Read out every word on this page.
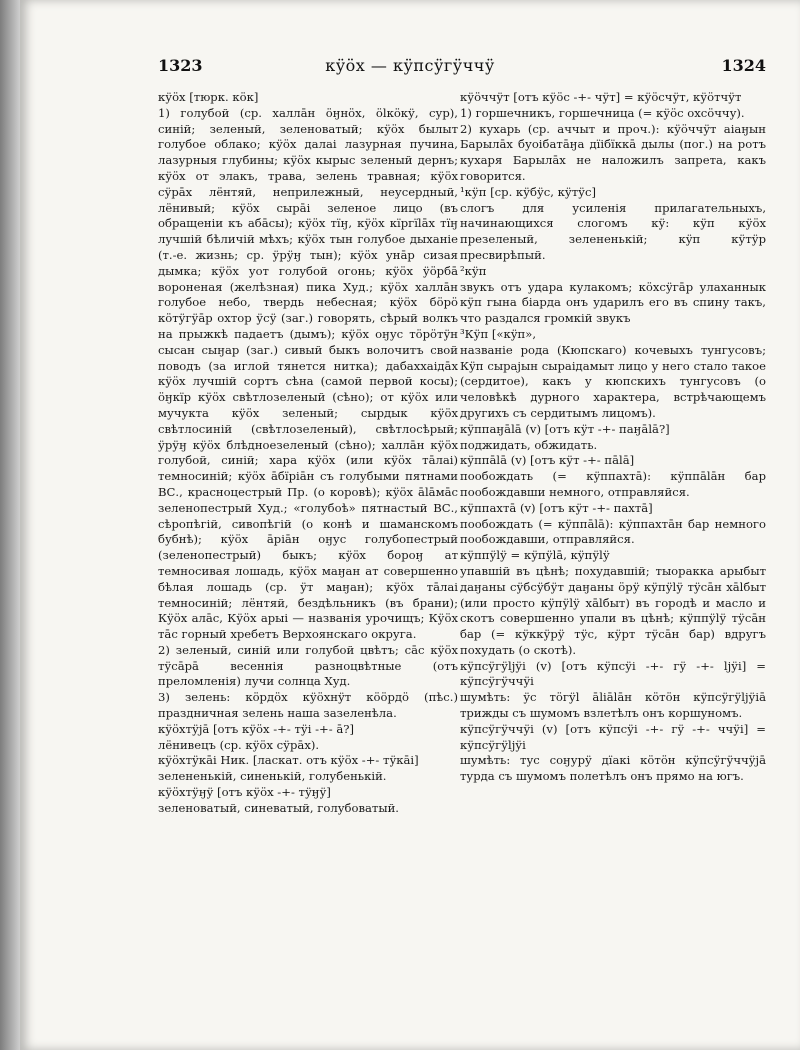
1323	кӱӧх — кӱпсӱгӱччӱ	1324

кӱӧх [тюрк. кӧк]

1) голубой (ср. халлāн ӧӈнӧх, ӧlкӧкӱ, сур), синій; зеленый, зеленоватый; кӱӧх былыт голубое облако; кӱӧх далаі лазурная пучина, лазурныя глубины; кӱӧх кырыс зеленый дернъ; кӱӧх от элакъ, трава, зелень травная; кӱӧх сӱрāх лёнтяй, неприлежный, неусердный, лёнивый; кӱӧх сырāі зеленое лицо (въ обращеніи къ абāсы); кӱӧх тїӈ, кӱӧх кїргїlāх тїӈ лучшій бѣличій мѣхъ; кӱӧх тын голубое дыханіе (т.-е. жизнь; ср. ӱрӱӈ тын); кӱӧх унāр сизая дымка; кӱӧх уот голубой огонь; кӱӧх ӱӧрбā вороненая (желѣзная) пика Худ.; кӱӧх халлāн голубое небо, твердь небесная; кӱӧх бӧрӧ кӧтӱгӱāр охтор ӱсӱ (заг.) говорять, сѣрый волкъ на прыжкѣ падаетъ (дымъ); кӱӧх оӈус тӧрӧтӱн сысан сыӈар (заг.) сивый быкъ волочитъ свой поводъ (за иглой тянется нитка); дабаххаідāх кӱӧх лучшій сортъ сѣна (самой первой косы); ӧӈкїр кӱӧх свѣтлозеленый (сѣно); от кӱӧх или мучукта кӱӧх зеленый; сырдык кӱӧх свѣтлосиній (свѣтлозеленый), свѣтлосѣрый; ӱрӱӈ кӱӧх блѣдноезеленый (сѣно); халлāн кӱӧх голубой, синій; хара кӱӧх (или кӱӧх тāлаі) темносиній; кӱӧх āбїріāн съ голубыми пятнами ВС., красноцестрый Пр. (о коровѣ); кӱӧх ālāмāс зеленопестрый Худ.; «голубоѣ» пятнастый ВС., сѣропѣгій, сивопѣгій (о конѣ и шаманскомъ бубнѣ); кӱӧх āріāн оӈус голубопестрый (зеленопестрый) быкъ; кӱӧх бороӈ ат темносивая лошадь, кӱӧх маӈан ат совершенно бѣлая лошадь (ср. ӱт маӈан); кӱӧх тāлаі темносиній; лёнтяй, бездѣльникъ (въ брани); Кӱӧх алāс, Кӱӧх арыі — названія урочищъ; Кӱӧх тāс горный хребетъ Верхоянскаго округа.

2) зеленый, синій или голубой цвѣтъ; сāс кӱӧх тӱсāрā весеннія разноцвѣтные (отъ преломленія) лучи солнца Худ.

3) зелень: кӧрдӧх кӱӧхнӱт кӧӧрдӧ (пѣс.) праздничная зелень нашa зазеленѣла.

кӱӧхтӱjā [отъ кӱӧх -+- тӱі -+- ā?]

лёнивецъ (ср. кӱӧх сӱрāх).

кӱӧхтӱкāі Ник. [ласкат. отъ кӱӧх -+- тӱкāі]

зелененькій, синенькій, голубенькій.

кӱӧхтӱӈӱ [отъ кӱӧх -+- тӱӈӱ]

зеленоватый, синеватый, голубоватый.

кӱӧччӱт [отъ кӱӧс -+- чӱт] = кӱӧсчӱт, кӱӧтчӱт

1) горшечникъ, горшечница (= кӱӧс охсӧччу).

2) кухарь (ср. аччыт и проч.): кӱӧччӱт аіаӈын Барылāх буоібатāӈа дїібїккā дылы (пог.) на ротъ кухаря Барылāх не наложилъ запрета, какъ говорится.

¹кӱп [ср. кӱбӱс, кӱтӱс]

слогъ для усиленія прилагательныхъ, начинающихся слогомъ кӱ: кӱп кӱӧх презеленый, зелененькій; кӱп кӱтӱр пресвирѣпый.

²кӱп

звукъ отъ удара кулакомъ; кӧхсӱгāр улаханнык кӱп гына біарда онъ ударилъ его въ спину такъ, что раздался громкій звукъ

³Кӱп [«кӱп»,

названіе рода (Кюпскаго) кочевыхъ тунгусовъ; Кӱп сырајын сыраідамыт лицо у него стало такое (сердитое), какъ у кюпскихъ тунгусовъ (о человѣкѣ дурного характера, встрѣчающемъ другихъ съ сердитымъ лицомъ).

кӱппаӈālā (v) [отъ кӱт -+- паӈālā?]

поджидать, обжидать.

кӱппālā (v) [отъ кӱт -+- пālā]

пообождать (= кӱппахтā): кӱппālāн бар пообождавши немного, отправляйся.

кӱппахтā (v) [отъ кӱт -+- пахтā]

пообождать (= кӱппālā): кӱппахтāн бар немного пообождавши, отправляйся.

кӱппӱlӱ = кӱпӱlā, кӱпӱlӱ

упавшій въ цѣнѣ; похудавшій; тыоракка арыбыт даӈаны сӱбсӱбӱт даӈаны ӧрӱ кӱпӱlӱ тӱсāн хālбыт (или просто кӱпӱlӱ хālбыт) въ городѣ и масло и скотъ совершенно упали въ цѣнѣ; кӱппӱlӱ тӱсāн бар (= кӱккӱрӱ тӱс, кӱрт тӱсāн бар) вдругъ похудать (о скотѣ).

кӱпсӱгӱlјӱі (v) [отъ кӱпсӱі -+- гӱ -+- lјӱі] = кӱпсӱгӱччӱі

шумѣть: ӱс тӧгӱl ālіālāн кӧтӧн кӱпсӱгӱlјӱіā трижды съ шумомъ взлетѣлъ онъ коршуномъ.

кӱпсӱгӱччӱі (v) [отъ кӱпсӱі -+- гӱ -+- ччӱі] = кӱпсӱгӱlјӱі

шумѣть: тус соӈурӱ дїакі кӧтӧн кӱпсӱгӱччӱjā турда съ шумомъ полетѣлъ онъ прямо на югъ.
